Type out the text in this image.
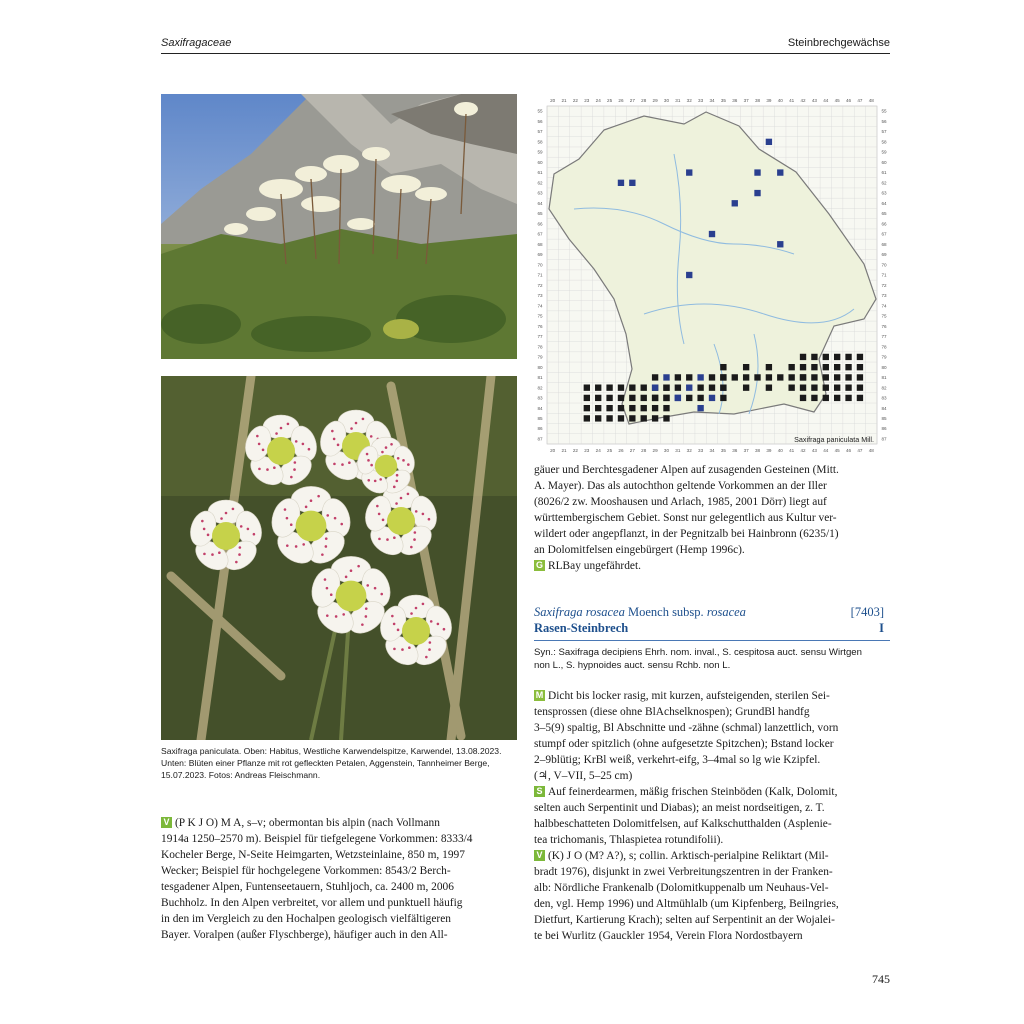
Saxifragaceae	Steinbrechgewächse
20 21 22 23 24 25 26 27 28 29 30 31 32 33 34 35 36 37 38 39 40 41 42 43 44 45 46 47 48
20 21 22 23 24 25 26 27 28 29 30 31 32 33 34 35 36 37 38 39 40 41 42 43 44 45 46 47 48
55
56
57
58
59
60
61
62
63
64
65
66
67
68
69
70
71
72
73
74
75
76
77
78
79
80
81
82
83
84
85
86
87
55
56
57
58
59
60
61
62
63
64
65
66
67
68
69
70
71
72
73
74
75
76
77
78
79
80
81
82
83
84
85
86
87
Saxifraga paniculata Mill.
Saxifraga paniculata. Oben: Habitus, Westliche Karwendelspitze, Karwendel, 13.08.2023. Unten: Blüten einer Pflanze mit rot gefleckten Petalen, Aggenstein, Tannheimer Berge, 15.07.2023. Fotos: Andreas Fleischmann.
V (P K J O) M A, s–v; obermontan bis alpin (nach Vollmann
1914a 1250–2570 m). Beispiel für tiefgelegene Vorkommen: 8333/4
Kocheler Berge, N-Seite Heimgarten, Wetzsteinlaine, 850 m, 1997
Wecker; Beispiel für hochgelegene Vorkommen: 8543/2 Berch-
tesgadener Alpen, Funtenseetauern, Stuhljoch, ca. 2400 m, 2006
Buchholz. In den Alpen verbreitet, vor allem und punktuell häufig
in den im Vergleich zu den Hochalpen geologisch vielfältigeren
Bayer. Voralpen (außer Flyschberge), häufiger auch in den All-
gäuer und Berchtesgadener Alpen auf zusagenden Gesteinen (Mitt.
A. Mayer). Das als autochthon geltende Vorkommen an der Iller
(8026/2 zw. Mooshausen und Arlach, 1985, 2001 Dörr) liegt auf
württembergischem Gebiet. Sonst nur gelegentlich aus Kultur ver-
wildert oder angepflanzt, in der Pegnitzalb bei Hainbronn (6235/1)
an Dolomitfelsen eingebürgert (Hemp 1996c).
G RLBay ungefährdet.
Saxifraga rosacea Moench subsp. rosacea	[7403]
Rasen-Steinbrech	I
Syn.: Saxifraga decipiens Ehrh. nom. inval., S. cespitosa auct. sensu Wirtgen
non L., S. hypnoides auct. sensu Rchb. non L.
M Dicht bis locker rasig, mit kurzen, aufsteigenden, sterilen Sei-
tensprossen (diese ohne BlAchselknospen); GrundBl handfg
3–5(9) spaltig, Bl Abschnitte und -zähne (schmal) lanzettlich, vorn
stumpf oder spitzlich (ohne aufgesetzte Spitzchen); Bstand locker
2–9blütig; KrBl weiß, verkehrt-eifg, 3–4mal so lg wie Kzipfel.
(♃, V–VII, 5–25 cm)
S Auf feinerdearmen, mäßig frischen Steinböden (Kalk, Dolomit,
selten auch Serpentinit und Diabas); an meist nordseitigen, z. T.
halbbeschatteten Dolomitfelsen, auf Kalkschutthalden (Asplenie-
tea trichomanis, Thlaspietea rotundifolii).
V (K) J O (M? A?), s; collin. Arktisch-perialpine Reliktart (Mil-
bradt 1976), disjunkt in zwei Verbreitungszentren in der Franken-
alb: Nördliche Frankenalb (Dolomitkuppenalb um Neuhaus-Vel-
den, vgl. Hemp 1996) und Altmühlalb (um Kipfenberg, Beilngries,
Dietfurt, Kartierung Krach); selten auf Serpentinit an der Wojalei-
te bei Wurlitz (Gauckler 1954, Verein Flora Nordostbayern
745
